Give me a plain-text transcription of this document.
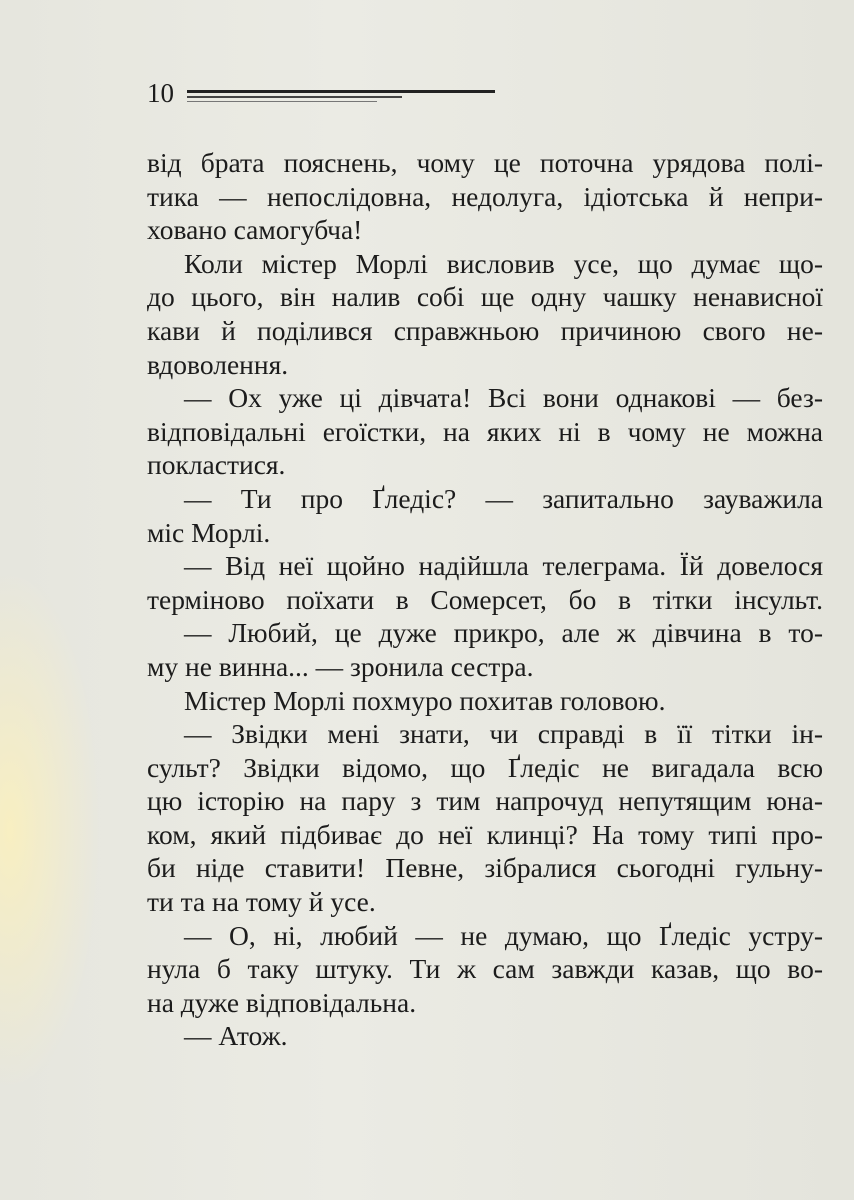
10
від брата пояснень, чому це поточна урядова полі-
тика — непослідовна, недолуга, ідіотська й непри-
ховано самогубча!
Коли містер Морлі висловив усе, що думає що-
до цього, він налив собі ще одну чашку ненависної
кави й поділився справжньою причиною свого не-
вдоволення.
— Ох уже ці дівчата! Всі вони однакові — без-
відповідальні егоїстки, на яких ні в чому не можна
покластися.
— Ти про Ґледіс? — запитально зауважила
міс Морлі.
— Від неї щойно надійшла телеграма. Їй довелося
терміново поїхати в Сомерсет, бо в тітки інсульт.
— Любий, це дуже прикро, але ж дівчина в то-
му не винна... — зронила сестра.
Містер Морлі похмуро похитав головою.
— Звідки мені знати, чи справді в її тітки ін-
сульт? Звідки відомо, що Ґледіс не вигадала всю
цю історію на пару з тим напрочуд непутящим юна-
ком, який підбиває до неї клинці? На тому типі про-
би ніде ставити! Певне, зібралися сьогодні гульну-
ти та на тому й усе.
— О, ні, любий — не думаю, що Ґледіс устру-
нула б таку штуку. Ти ж сам завжди казав, що во-
на дуже відповідальна.
— Атож.
